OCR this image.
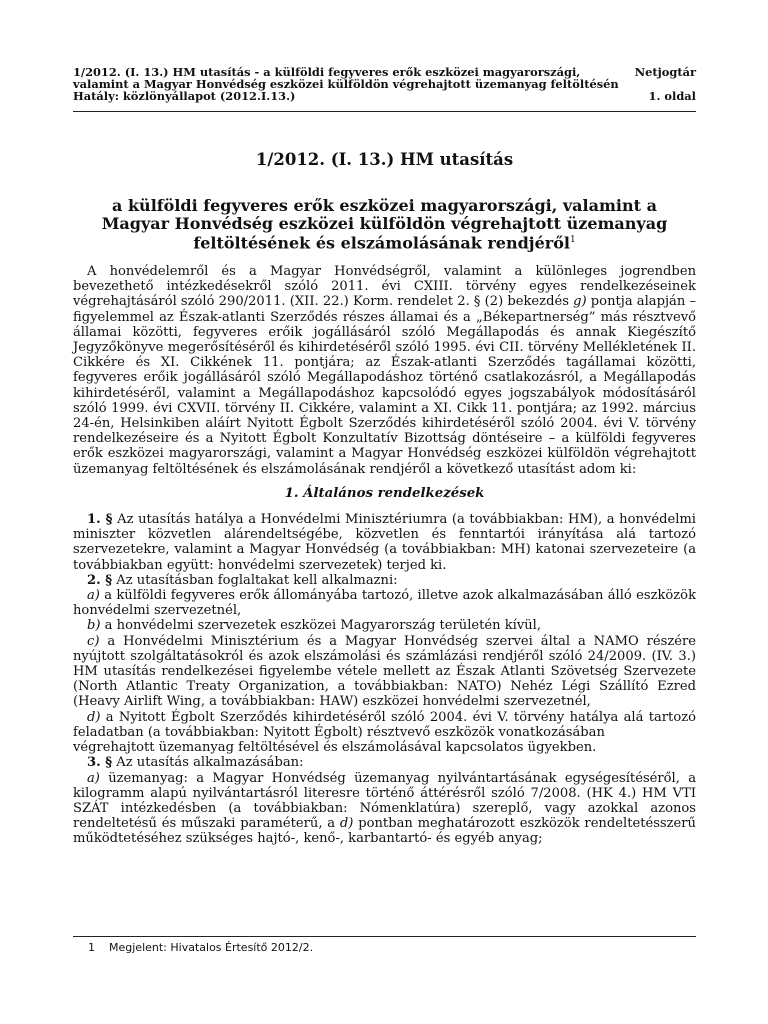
1/2012. (I. 13.) HM utasítás - a külföldi fegyveres erők eszközei magyarországi,	Netjogtár
valamint a Magyar Honvédség eszközei külföldön végrehajtott üzemanyag feltöltésén
Hatály: közlönyállapot (2012.I.13.)	1. oldal
1/2012. (I. 13.) HM utasítás
a külföldi fegyveres erők eszközei magyarországi, valamint a
Magyar Honvédség eszközei külföldön végrehajtott üzemanyag
feltöltésének és elszámolásának rendjéről$^1$

A honvédelemről és a Magyar Honvédségről, valamint a különleges jogrendben bevezethető intézkedésekről szóló 2011. évi CXIII. törvény egyes rendelkezéseinek végrehajtásáról szóló 290/2011. (XII. 22.) Korm. rendelet 2. § (2) bekezdés g) pontja alapján – figyelemmel az Észak-atlanti Szerződés részes államai és a „Békepartnerség” más résztvevő államai közötti, fegyveres erőik jogállásáról szóló Megállapodás és annak Kiegészítő Jegyzőkönyve megerősítéséről és kihirdetéséről szóló 1995. évi CII. törvény Mellékletének II. Cikkére és XI. Cikkének 11. pontjára; az Észak-atlanti Szerződés tagállamai közötti, fegyveres erőik jogállásáról szóló Megállapodáshoz történő csatlakozásról, a Megállapodás kihirdetéséről, valamint a Megállapodáshoz kapcsolódó egyes jogszabályok módosításáról szóló 1999. évi CXVII. törvény II. Cikkére, valamint a XI. Cikk 11. pontjára; az 1992. március 24-én, Helsinkiben aláírt Nyitott Égbolt Szerződés kihirdetéséről szóló 2004. évi V. törvény rendelkezéseire és a Nyitott Égbolt Konzultatív Bizottság döntéseire – a külföldi fegyveres erők eszközei magyarországi, valamint a Magyar Honvédség eszközei külföldön végrehajtott üzemanyag feltöltésének és elszámolásának rendjéről a következő utasítást adom ki:

1. Általános rendelkezések

1. § Az utasítás hatálya a Honvédelmi Minisztériumra (a továbbiakban: HM), a honvédelmi miniszter közvetlen alárendeltségébe, közvetlen és fenntartói irányítása alá tartozó szervezetekre, valamint a Magyar Honvédség (a továbbiakban: MH) katonai szervezeteire (a továbbiakban együtt: honvédelmi szervezetek) terjed ki.

2. § Az utasításban foglaltakat kell alkalmazni:

a) a külföldi fegyveres erők állományába tartozó, illetve azok alkalmazásában álló eszközök honvédelmi szervezetnél,

b) a honvédelmi szervezetek eszközei Magyarország területén kívül,

c) a Honvédelmi Minisztérium és a Magyar Honvédség szervei által a NAMO részére nyújtott szolgáltatásokról és azok elszámolási és számlázási rendjéről szóló 24/2009. (IV. 3.) HM utasítás rendelkezései figyelembe vétele mellett az Észak Atlanti Szövetség Szervezete (North Atlantic Treaty Organization, a továbbiakban: NATO) Nehéz Légi Szállító Ezred (Heavy Airlift Wing, a továbbiakban: HAW) eszközei honvédelmi szervezetnél,

d) a Nyitott Égbolt Szerződés kihirdetéséről szóló 2004. évi V. törvény hatálya alá tartozó feladatban (a továbbiakban: Nyitott Égbolt) résztvevő eszközök vonatkozásában

végrehajtott üzemanyag feltöltésével és elszámolásával kapcsolatos ügyekben.

3. § Az utasítás alkalmazásában:

a) üzemanyag: a Magyar Honvédség üzemanyag nyilvántartásának egységesítéséről, a kilogramm alapú nyilvántartásról literesre történő áttérésről szóló 7/2008. (HK 4.) HM VTI SZÁT intézkedésben (a továbbiakban: Nómenklatúra) szereplő, vagy azokkal azonos rendeltetésű és műszaki paraméterű, a d) pontban meghatározott eszközök rendeltetésszerű működtetéséhez szükséges hajtó-, kenő-, karbantartó- és egyéb anyag;

1 Megjelent: Hivatalos Értesítő 2012/2.
